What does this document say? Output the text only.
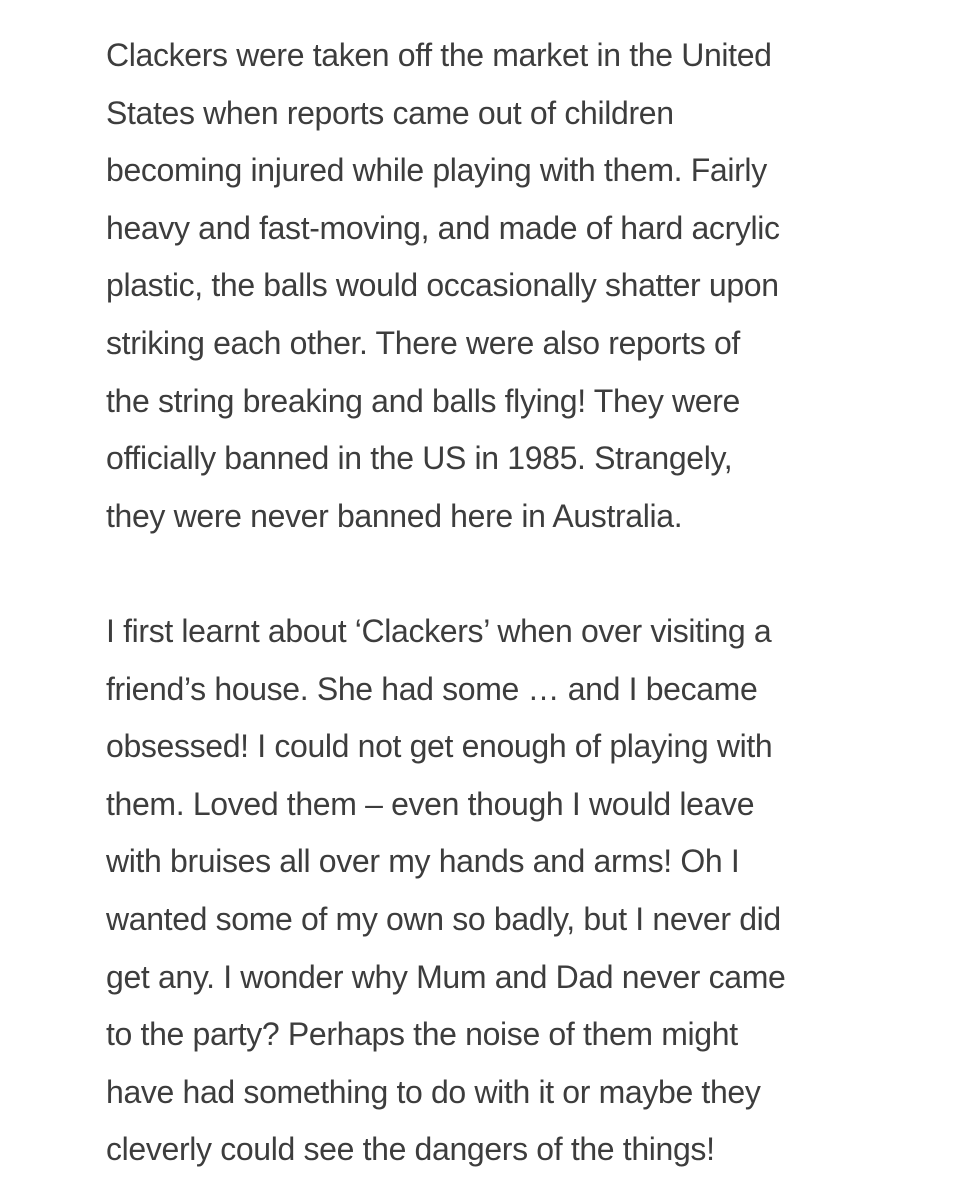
Clackers were taken off the market in the United
States when reports came out of children
becoming injured while playing with them. Fairly
heavy and fast-moving, and made of hard acrylic
plastic, the balls would occasionally shatter upon
striking each other. There were also reports of
the string breaking and balls flying! They were
officially banned in the US in 1985. Strangely,
they were never banned here in Australia.

I first learnt about ‘Clackers’ when over visiting a
friend’s house. She had some … and I became
obsessed! I could not get enough of playing with
them. Loved them – even though I would leave
with bruises all over my hands and arms! Oh I
wanted some of my own so badly, but I never did
get any. I wonder why Mum and Dad never came
to the party? Perhaps the noise of them might
have had something to do with it or maybe they
cleverly could see the dangers of the things!
